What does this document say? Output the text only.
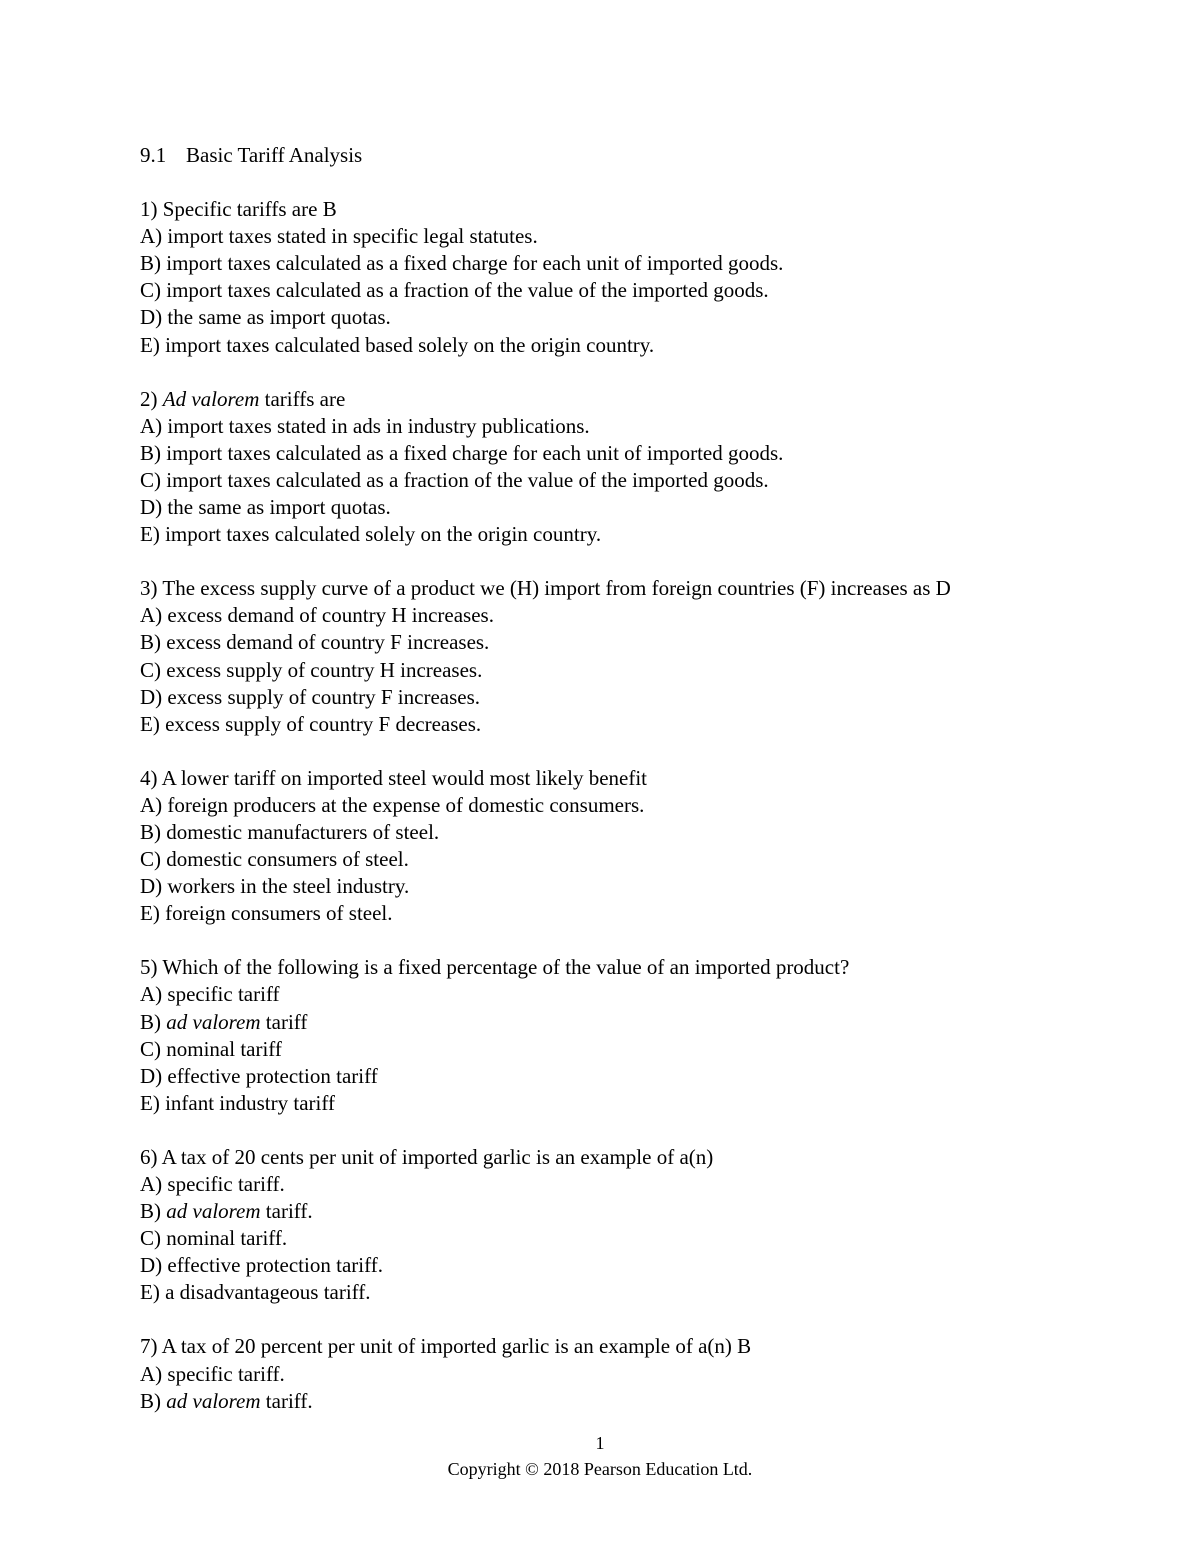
9.1 Basic Tariff Analysis
1) Specific tariffs are B
A) import taxes stated in specific legal statutes.
B) import taxes calculated as a fixed charge for each unit of imported goods.
C) import taxes calculated as a fraction of the value of the imported goods.
D) the same as import quotas.
E) import taxes calculated based solely on the origin country.
2) Ad valorem tariffs are
A) import taxes stated in ads in industry publications.
B) import taxes calculated as a fixed charge for each unit of imported goods.
C) import taxes calculated as a fraction of the value of the imported goods.
D) the same as import quotas.
E) import taxes calculated solely on the origin country.
3) The excess supply curve of a product we (H) import from foreign countries (F) increases as D
A) excess demand of country H increases.
B) excess demand of country F increases.
C) excess supply of country H increases.
D) excess supply of country F increases.
E) excess supply of country F decreases.
4) A lower tariff on imported steel would most likely benefit
A) foreign producers at the expense of domestic consumers.
B) domestic manufacturers of steel.
C) domestic consumers of steel.
D) workers in the steel industry.
E) foreign consumers of steel.
5) Which of the following is a fixed percentage of the value of an imported product?
A) specific tariff
B) ad valorem tariff
C) nominal tariff
D) effective protection tariff
E) infant industry tariff
6) A tax of 20 cents per unit of imported garlic is an example of a(n)
A) specific tariff.
B) ad valorem tariff.
C) nominal tariff.
D) effective protection tariff.
E) a disadvantageous tariff.
7) A tax of 20 percent per unit of imported garlic is an example of a(n) B
A) specific tariff.
B) ad valorem tariff.
1
Copyright © 2018 Pearson Education Ltd.
